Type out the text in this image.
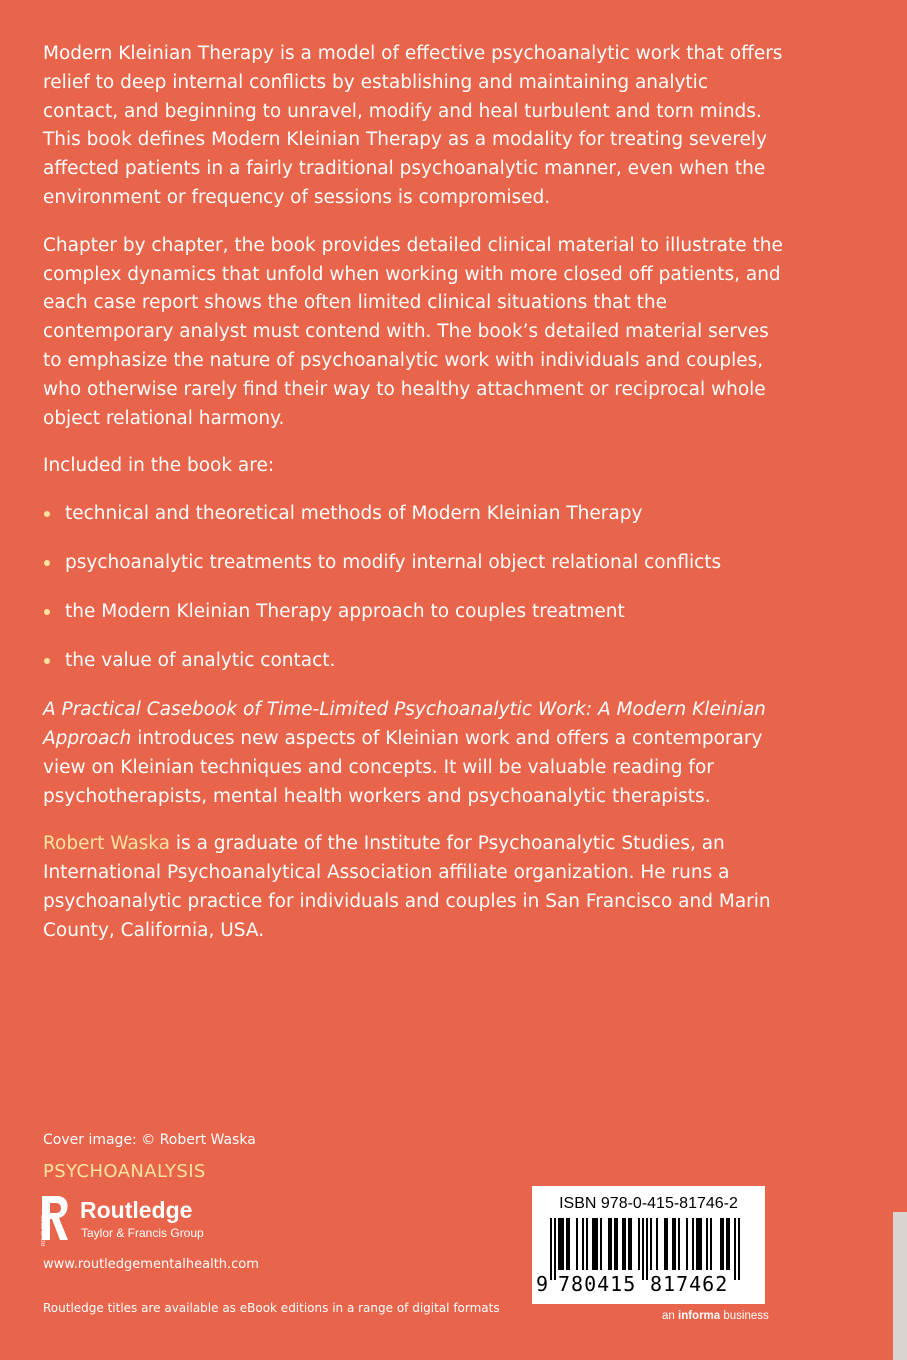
Modern Kleinian Therapy is a model of effective psychoanalytic work that offers relief to deep internal conflicts by establishing and maintaining analytic contact, and beginning to unravel, modify and heal turbulent and torn minds. This book defines Modern Kleinian Therapy as a modality for treating severely affected patients in a fairly traditional psychoanalytic manner, even when the environment or frequency of sessions is compromised.

Chapter by chapter, the book provides detailed clinical material to illustrate the complex dynamics that unfold when working with more closed off patients, and each case report shows the often limited clinical situations that the contemporary analyst must contend with. The book’s detailed material serves to emphasize the nature of psychoanalytic work with individuals and couples, who otherwise rarely find their way to healthy attachment or reciprocal whole object relational harmony.

Included in the book are:

technical and theoretical methods of Modern Kleinian Therapy
psychoanalytic treatments to modify internal object relational conflicts
the Modern Kleinian Therapy approach to couples treatment
the value of analytic contact.

A Practical Casebook of Time-Limited Psychoanalytic Work: A Modern Kleinian Approach introduces new aspects of Kleinian work and offers a contemporary view on Kleinian techniques and concepts. It will be valuable reading for psychotherapists, mental health workers and psychoanalytic therapists.

Robert Waska is a graduate of the Institute for Psychoanalytic Studies, an International Psychoanalytical Association affiliate organization. He runs a psychoanalytic practice for individuals and couples in San Francisco and Marin County, California, USA.

Cover image: © Robert Waska
PSYCHOANALYSIS
ROUTLEDGE
Routledge
Taylor & Francis Group
www.routledgementalhealth.com
Routledge titles are available as eBook editions in a range of digital formats
ISBN 978-0-415-81746-2
9 780415 817462
an informa business
